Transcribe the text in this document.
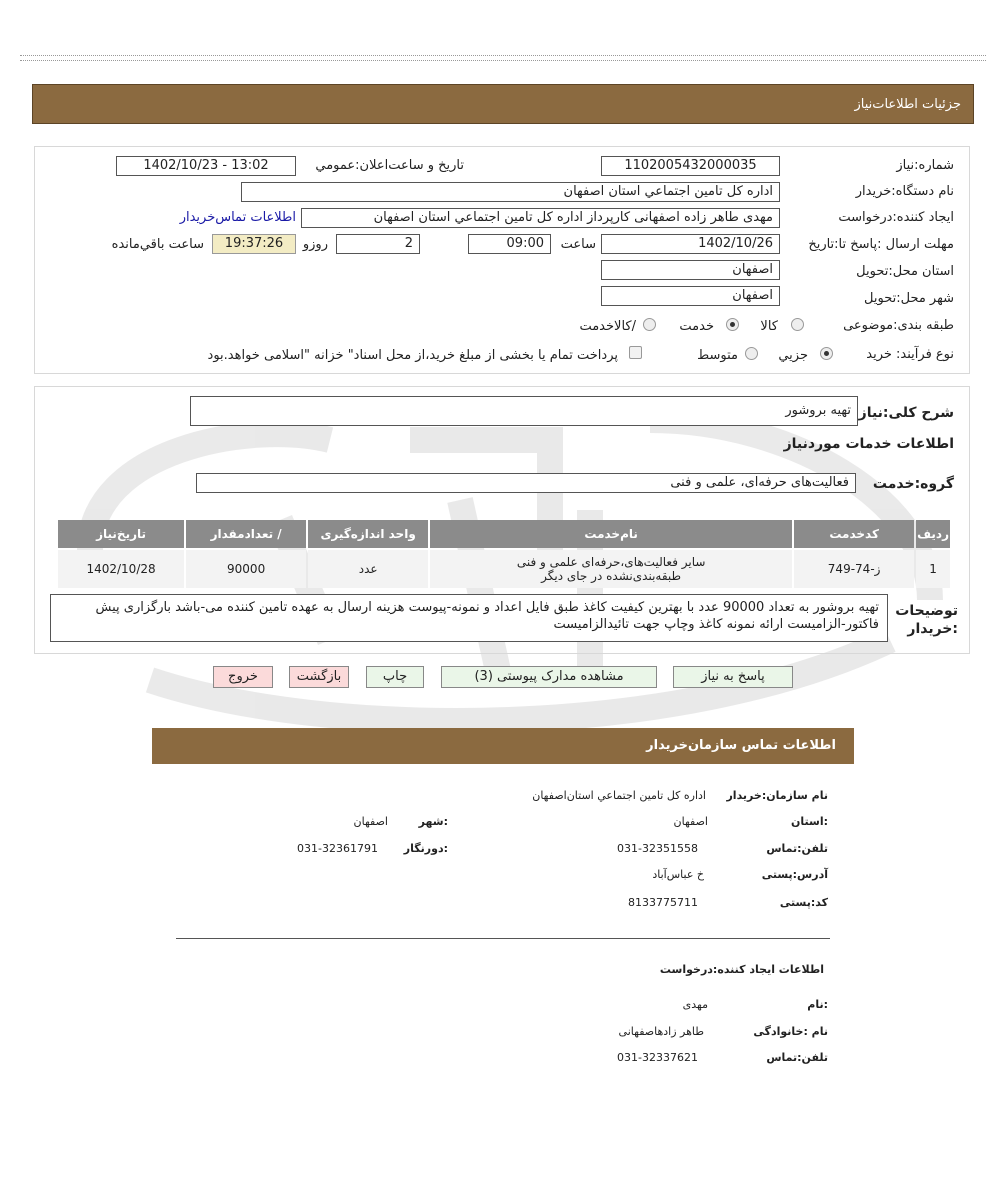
جزئيات اطلاعات‌نياز
شماره:نیاز
1102005432000035
تاريخ و ساعت‌اعلان:عمومي
1402/10/23 - 13:02
نام دستگاه:خريدار
اداره کل تامين اجتماعي استان اصفهان
ايجاد کننده:درخواست
مهدی طاهر زاده اصفهانی کارپرداز اداره کل تامين اجتماعي استان اصفهان
اطلاعات تماس‌خريدار
مهلت ارسال :پاسخ تا:تاريخ
1402/10/26
ساعت
09:00
2
روزو
19:37:26
ساعت باقي‌مانده
استان محل:تحويل
اصفهان
شهر محل:تحويل
اصفهان
طبقه بندی:موضوعی
کالا
خدمت
/کالاخدمت
نوع فرآيند: خريد
جزيي
متوسط
پرداخت تمام يا بخشی از مبلغ خريد،از محل اسناد" خزانه "اسلامی خواهد.بود
شرح کلی:نیاز
تهيه بروشور
اطلاعات خدمات موردنیاز
گروه:خدمت
فعاليت‌های حرفه‌ای، علمی و فنی
رديف	کدخدمت	نام‌خدمت	واحد اندازه‌گيری	/ تعدادمقدار	تاريخ‌نياز
1	ز-74-749	ساير فعاليت‌های،حرفه‌ای علمی و فنی طبقه‌بندی‌نشده در جای ديگر	عدد	90000	1402/10/28
توضيحات :خريدار
تهيه بروشور به تعداد 90000 عدد با بهترين کيفيت کاغذ طبق فايل اعداد و نمونه-پيوست هزينه ارسال به عهده تامين کننده می-باشد بارگزاری پيش فاکتور-الزاميست ارائه نمونه کاغذ وچاپ جهت تائيدالزاميست
پاسخ به نياز
مشاهده مدارک پيوستی (3)
چاپ
بازگشت
خروج
اطلاعات تماس سازمان‌خريدار
نام سازمان:خريدار
اداره کل تامين اجتماعي استان‌اصفهان
:استان
اصفهان
:شهر
اصفهان
تلفن:تماس
031-32351558
:دورنگار
031-32361791
آدرس:پستی
خ عباس‌آباد
کد:پستی
8133775711
اطلاعات ايجاد کننده:درخواست
:نام
مهدی
نام :خانوادگی
طاهر زادهاصفهانی
تلفن:تماس
031-32337621
